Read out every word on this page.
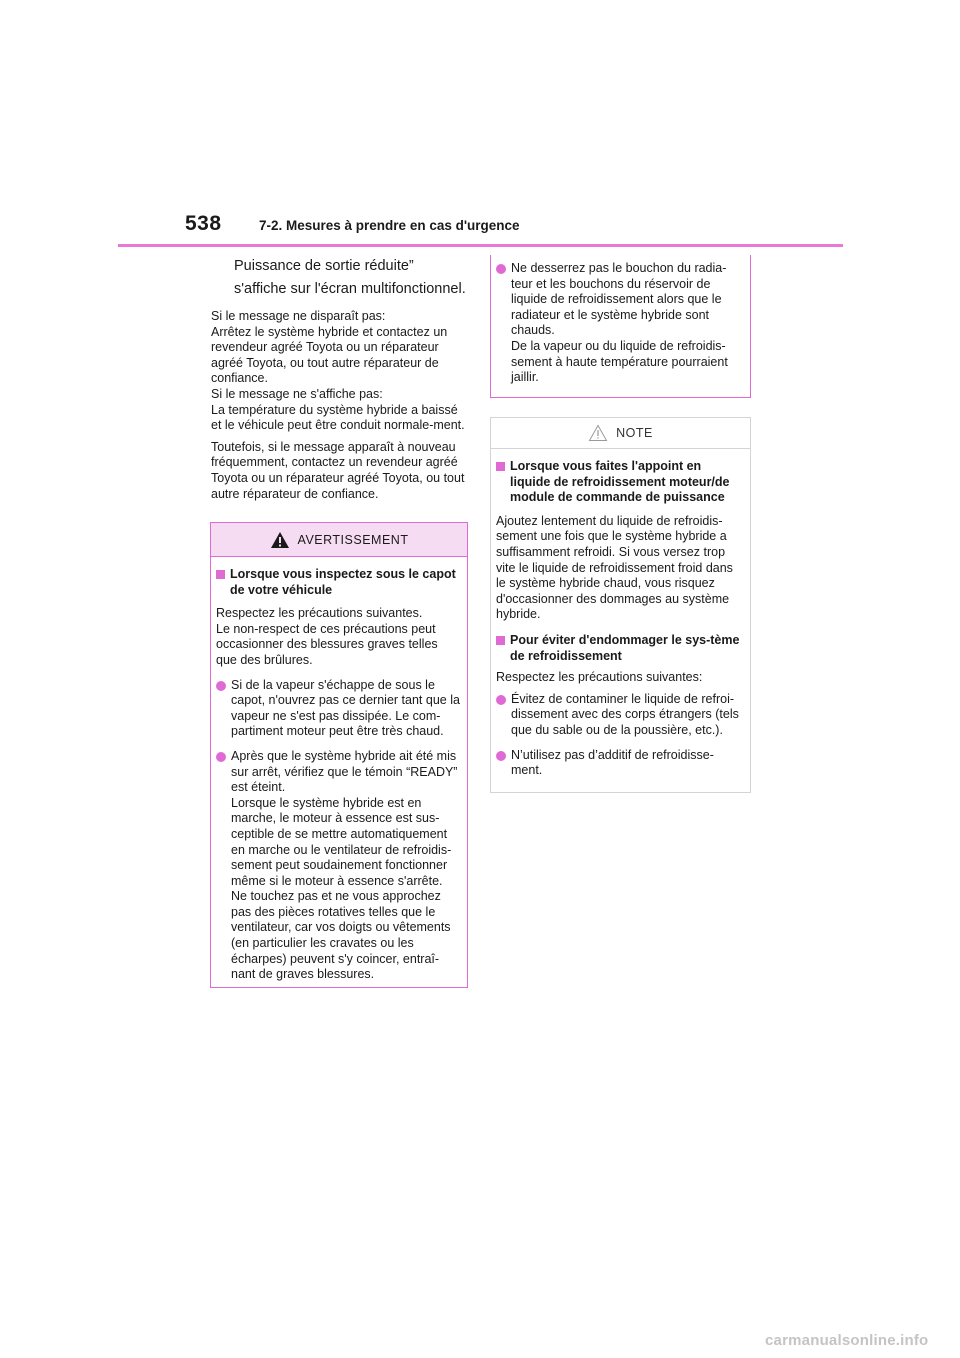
538	7-2. Mesures à prendre en cas d'urgence

Puissance de sortie réduite”

s'affiche sur l'écran multifonctionnel.

Si le message ne disparaît pas:
Arrêtez le système hybride et contactez un revendeur agréé Toyota ou un réparateur agréé Toyota, ou tout autre réparateur de confiance.
Si le message ne s'affiche pas:
La température du système hybride a baissé et le véhicule peut être conduit normale-ment.

Toutefois, si le message apparaît à nouveau fréquemment, contactez un revendeur agréé Toyota ou un réparateur agréé Toyota, ou tout autre réparateur de confiance.

AVERTISSEMENT
Lorsque vous inspectez sous le capot de votre véhicule
Respectez les précautions suivantes.
Le non-respect de ces précautions peut occasionner des blessures graves telles que des brûlures.
Si de la vapeur s'échappe de sous le capot, n'ouvrez pas ce dernier tant que la vapeur ne s'est pas dissipée. Le com-partiment moteur peut être très chaud.
Après que le système hybride ait été mis sur arrêt, vérifiez que le témoin “READY” est éteint.
Lorsque le système hybride est en marche, le moteur à essence est sus-ceptible de se mettre automatiquement en marche ou le ventilateur de refroidis-sement peut soudainement fonctionner même si le moteur à essence s'arrête. Ne touchez pas et ne vous approchez pas des pièces rotatives telles que le ventilateur, car vos doigts ou vêtements (en particulier les cravates ou les écharpes) peuvent s'y coincer, entraî-nant de graves blessures.
Ne desserrez pas le bouchon du radia-teur et les bouchons du réservoir de liquide de refroidissement alors que le radiateur et le système hybride sont chauds.
De la vapeur ou du liquide de refroidis-sement à haute température pourraient jaillir.
NOTE
Lorsque vous faites l'appoint en liquide de refroidissement moteur/de module de commande de puissance
Ajoutez lentement du liquide de refroidis-sement une fois que le système hybride a suffisamment refroidi. Si vous versez trop vite le liquide de refroidissement froid dans le système hybride chaud, vous risquez d'occasionner des dommages au système hybride.
Pour éviter d'endommager le sys-tème de refroidissement
Respectez les précautions suivantes:
Évitez de contaminer le liquide de refroi-dissement avec des corps étrangers (tels que du sable ou de la poussière, etc.).
N’utilisez pas d’additif de refroidisse-ment.
carmanualsonline.info
